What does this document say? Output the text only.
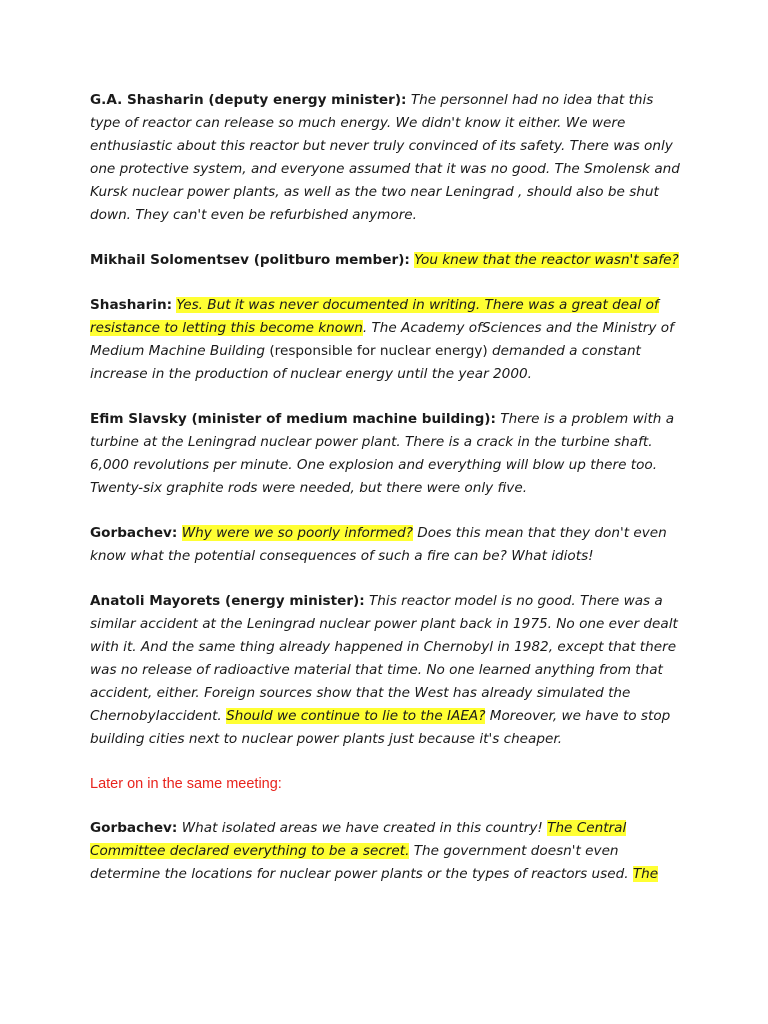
G.A. Shasharin (deputy energy minister): The personnel had no idea that this type of reactor can release so much energy. We didn't know it either. We were enthusiastic about this reactor but never truly convinced of its safety. There was only one protective system, and everyone assumed that it was no good. The Smolensk and Kursk nuclear power plants, as well as the two near Leningrad , should also be shut down. They can't even be refurbished anymore.

Mikhail Solomentsev (politburo member): You knew that the reactor wasn't safe?

Shasharin: Yes. But it was never documented in writing. There was a great deal of resistance to letting this become known. The Academy ofSciences and the Ministry of Medium Machine Building (responsible for nuclear energy) demanded a constant increase in the production of nuclear energy until the year 2000.

Efim Slavsky (minister of medium machine building): There is a problem with a turbine at the Leningrad nuclear power plant. There is a crack in the turbine shaft. 6,000 revolutions per minute. One explosion and everything will blow up there too. Twenty-six graphite rods were needed, but there were only five.

Gorbachev: Why were we so poorly informed? Does this mean that they don't even know what the potential consequences of such a fire can be? What idiots!

Anatoli Mayorets (energy minister): This reactor model is no good. There was a similar accident at the Leningrad nuclear power plant back in 1975. No one ever dealt with it. And the same thing already happened in Chernobyl in 1982, except that there was no release of radioactive material that time. No one learned anything from that accident, either. Foreign sources show that the West has already simulated the Chernobylaccident. Should we continue to lie to the IAEA? Moreover, we have to stop building cities next to nuclear power plants just because it's cheaper.

Later on in the same meeting:

Gorbachev: What isolated areas we have created in this country! The Central Committee declared everything to be a secret. The government doesn't even determine the locations for nuclear power plants or the types of reactors used. The
